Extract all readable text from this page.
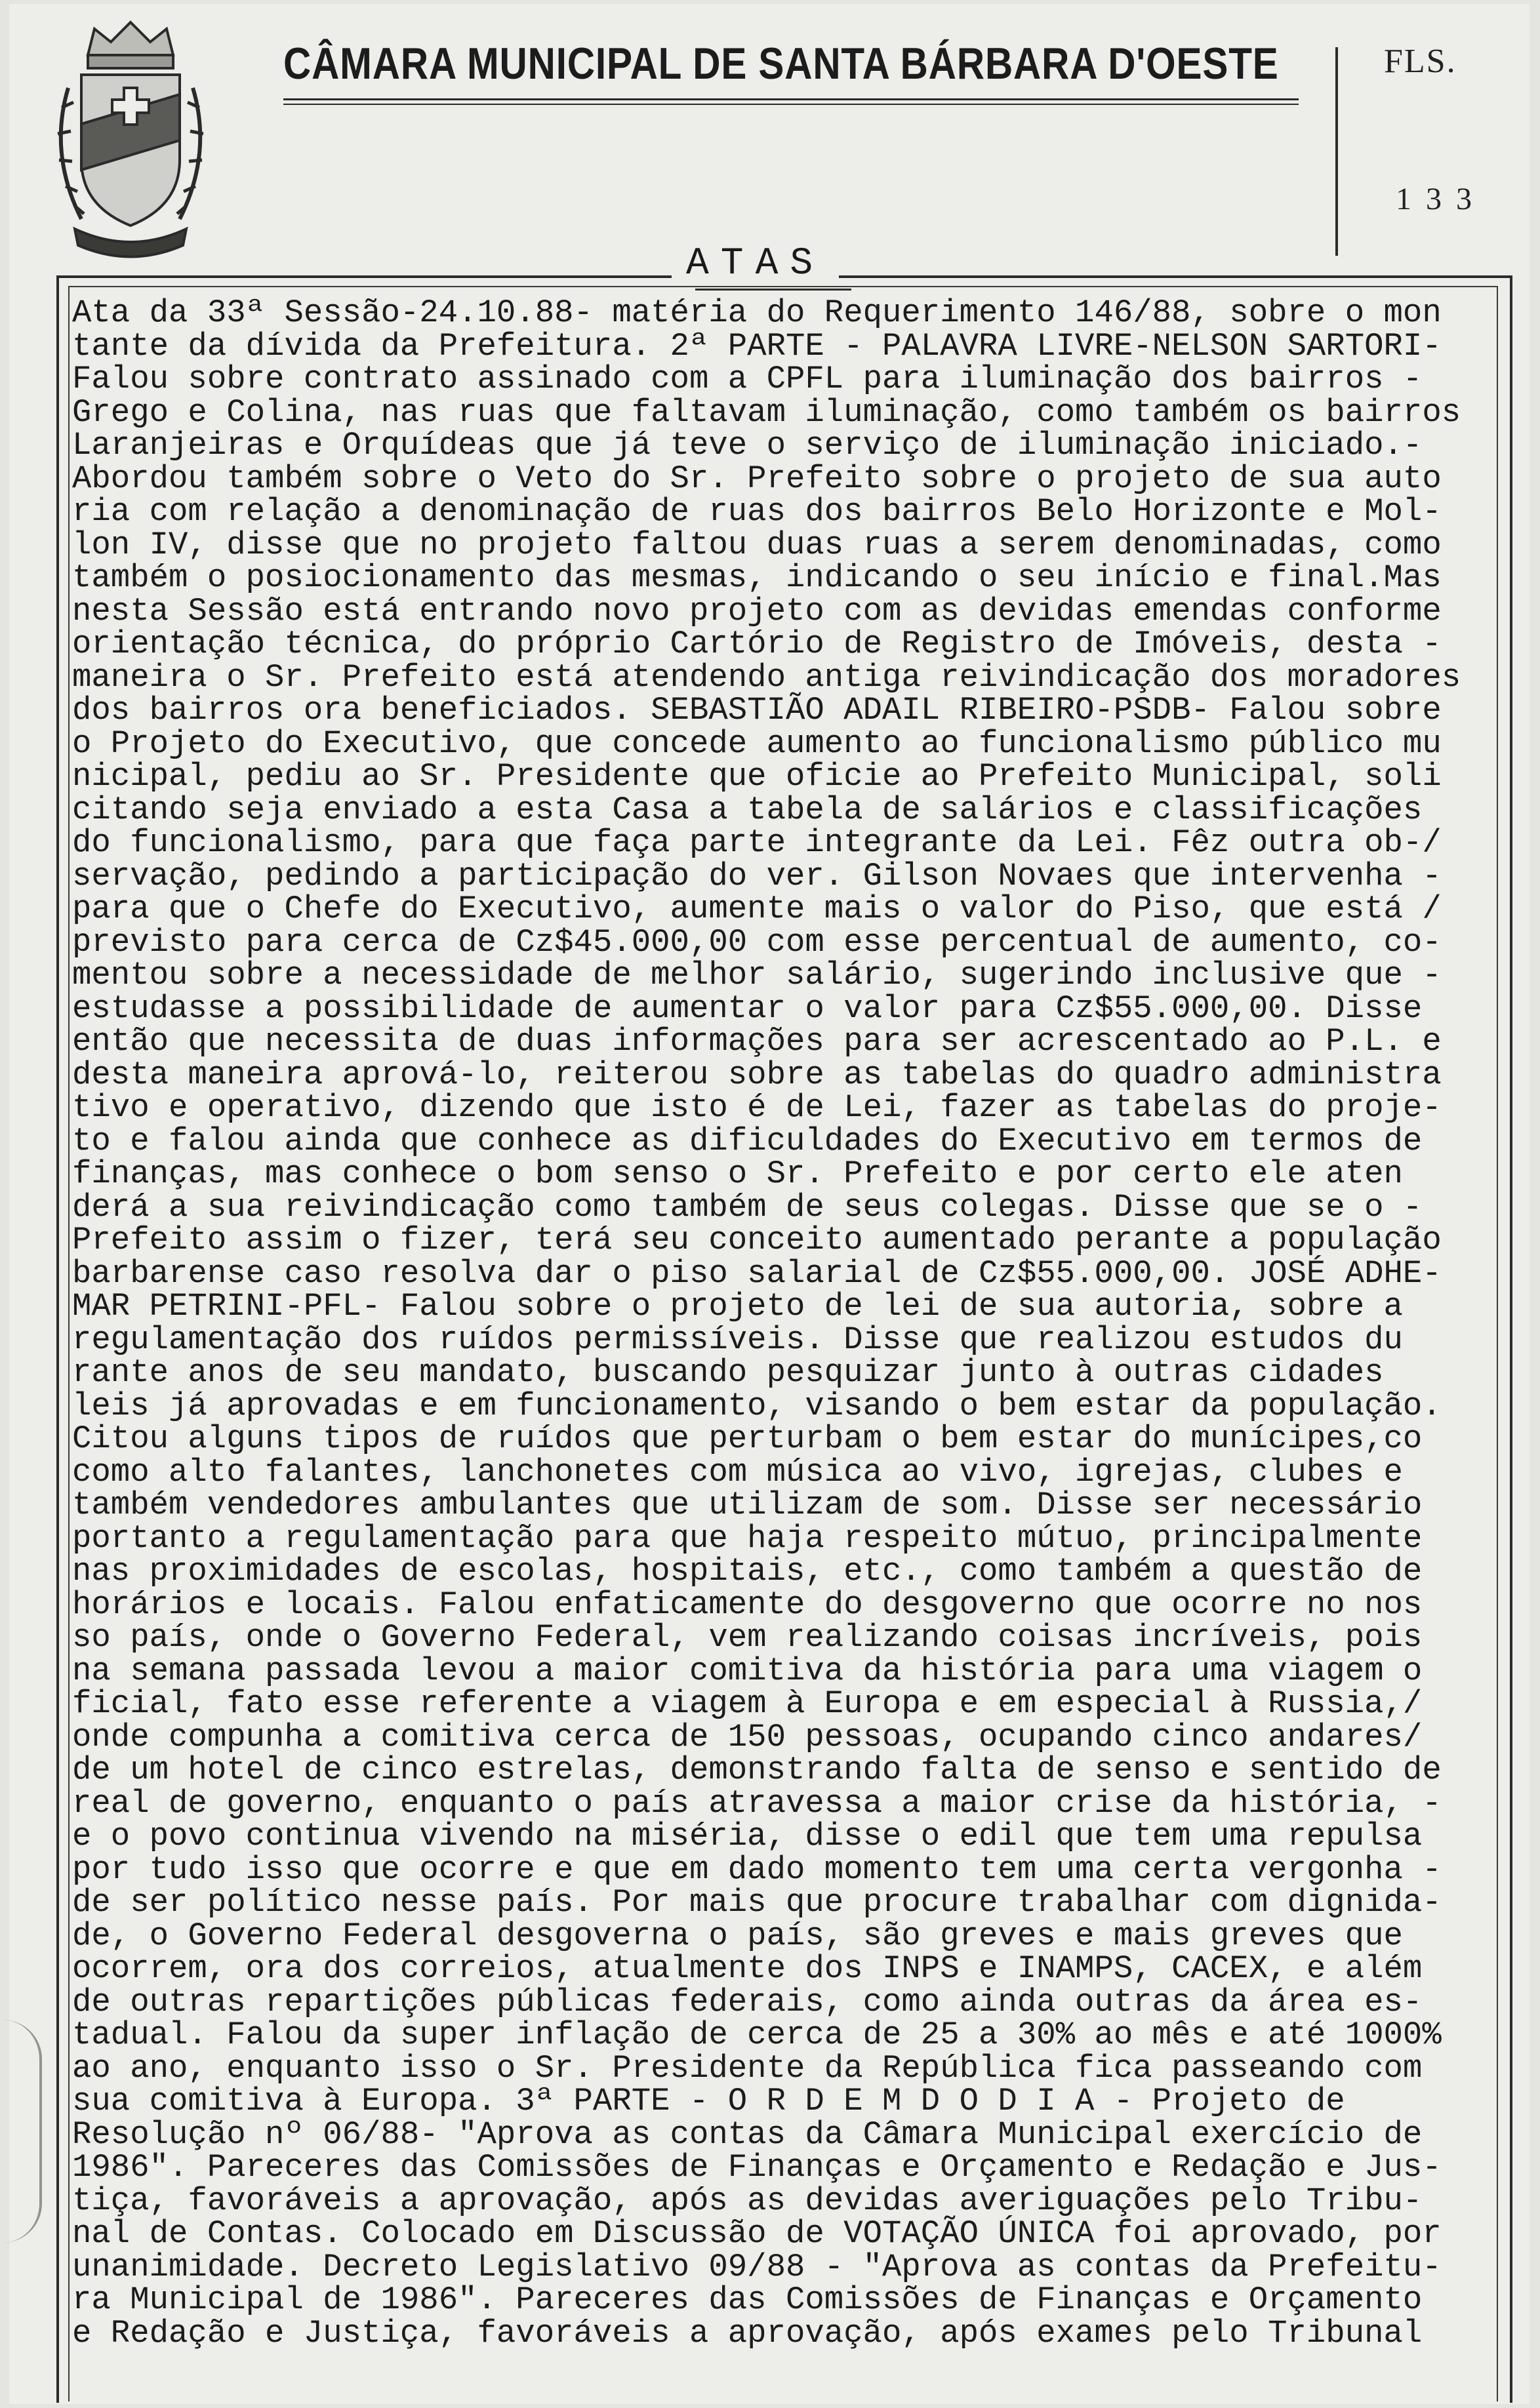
CÂMARA MUNICIPAL DE SANTA BÁRBARA D'OESTE	FLS.
133
ATAS
Ata da 33ª Sessão-24.10.88- matéria do Requerimento 146/88, sobre o mon
tante da dívida da Prefeitura. 2ª PARTE - PALAVRA LIVRE-NELSON SARTORI-
Falou sobre contrato assinado com a CPFL para iluminação dos bairros -
Grego e Colina, nas ruas que faltavam iluminação, como também os bairros
Laranjeiras e Orquídeas que já teve o serviço de iluminação iniciado.-
Abordou também sobre o Veto do Sr. Prefeito sobre o projeto de sua auto
ria com relação a denominação de ruas dos bairros Belo Horizonte e Mol-
lon IV, disse que no projeto faltou duas ruas a serem denominadas, como
também o posiocionamento das mesmas, indicando o seu início e final.Mas
nesta Sessão está entrando novo projeto com as devidas emendas conforme
orientação técnica, do próprio Cartório de Registro de Imóveis, desta -
maneira o Sr. Prefeito está atendendo antiga reivindicação dos moradores
dos bairros ora beneficiados. SEBASTIÃO ADAIL RIBEIRO-PSDB- Falou sobre
o Projeto do Executivo, que concede aumento ao funcionalismo público mu
nicipal, pediu ao Sr. Presidente que oficie ao Prefeito Municipal, soli
citando seja enviado a esta Casa a tabela de salários e classificações
do funcionalismo, para que faça parte integrante da Lei. Fêz outra ob-/
servação, pedindo a participação do ver. Gilson Novaes que intervenha -
para que o Chefe do Executivo, aumente mais o valor do Piso, que está /
previsto para cerca de Cz$45.000,00 com esse percentual de aumento, co-
mentou sobre a necessidade de melhor salário, sugerindo inclusive que -
estudasse a possibilidade de aumentar o valor para Cz$55.000,00. Disse
então que necessita de duas informações para ser acrescentado ao P.L. e
desta maneira aprová-lo, reiterou sobre as tabelas do quadro administra
tivo e operativo, dizendo que isto é de Lei, fazer as tabelas do proje-
to e falou ainda que conhece as dificuldades do Executivo em termos de
finanças, mas conhece o bom senso o Sr. Prefeito e por certo ele aten
derá a sua reivindicação como também de seus colegas. Disse que se o -
Prefeito assim o fizer, terá seu conceito aumentado perante a população
barbarense caso resolva dar o piso salarial de Cz$55.000,00. JOSÉ ADHE-
MAR PETRINI-PFL- Falou sobre o projeto de lei de sua autoria, sobre a
regulamentação dos ruídos permissíveis. Disse que realizou estudos du
rante anos de seu mandato, buscando pesquizar junto à outras cidades
leis já aprovadas e em funcionamento, visando o bem estar da população.
Citou alguns tipos de ruídos que perturbam o bem estar do munícipes,co
como alto falantes, lanchonetes com música ao vivo, igrejas, clubes e
também vendedores ambulantes que utilizam de som. Disse ser necessário
portanto a regulamentação para que haja respeito mútuo, principalmente
nas proximidades de escolas, hospitais, etc., como também a questão de
horários e locais. Falou enfaticamente do desgoverno que ocorre no nos
so país, onde o Governo Federal, vem realizando coisas incríveis, pois
na semana passada levou a maior comitiva da história para uma viagem o
ficial, fato esse referente a viagem à Europa e em especial à Russia,/
onde compunha a comitiva cerca de 150 pessoas, ocupando cinco andares/
de um hotel de cinco estrelas, demonstrando falta de senso e sentido de
real de governo, enquanto o país atravessa a maior crise da história, -
e o povo continua vivendo na miséria, disse o edil que tem uma repulsa
por tudo isso que ocorre e que em dado momento tem uma certa vergonha -
de ser político nesse país. Por mais que procure trabalhar com dignida-
de, o Governo Federal desgoverna o país, são greves e mais greves que
ocorrem, ora dos correios, atualmente dos INPS e INAMPS, CACEX, e além
de outras repartições públicas federais, como ainda outras da área es-
tadual. Falou da super inflação de cerca de 25 a 30% ao mês e até 1000%
ao ano, enquanto isso o Sr. Presidente da República fica passeando com
sua comitiva à Europa. 3ª PARTE - O R D E M D O D I A - Projeto de
Resolução nº 06/88- "Aprova as contas da Câmara Municipal exercício de
1986". Pareceres das Comissões de Finanças e Orçamento e Redação e Jus-
tiça, favoráveis a aprovação, após as devidas averiguações pelo Tribu-
nal de Contas. Colocado em Discussão de VOTAÇÃO ÚNICA foi aprovado, por
unanimidade. Decreto Legislativo 09/88 - "Aprova as contas da Prefeitu-
ra Municipal de 1986". Pareceres das Comissões de Finanças e Orçamento
e Redação e Justiça, favoráveis a aprovação, após exames pelo Tribunal
